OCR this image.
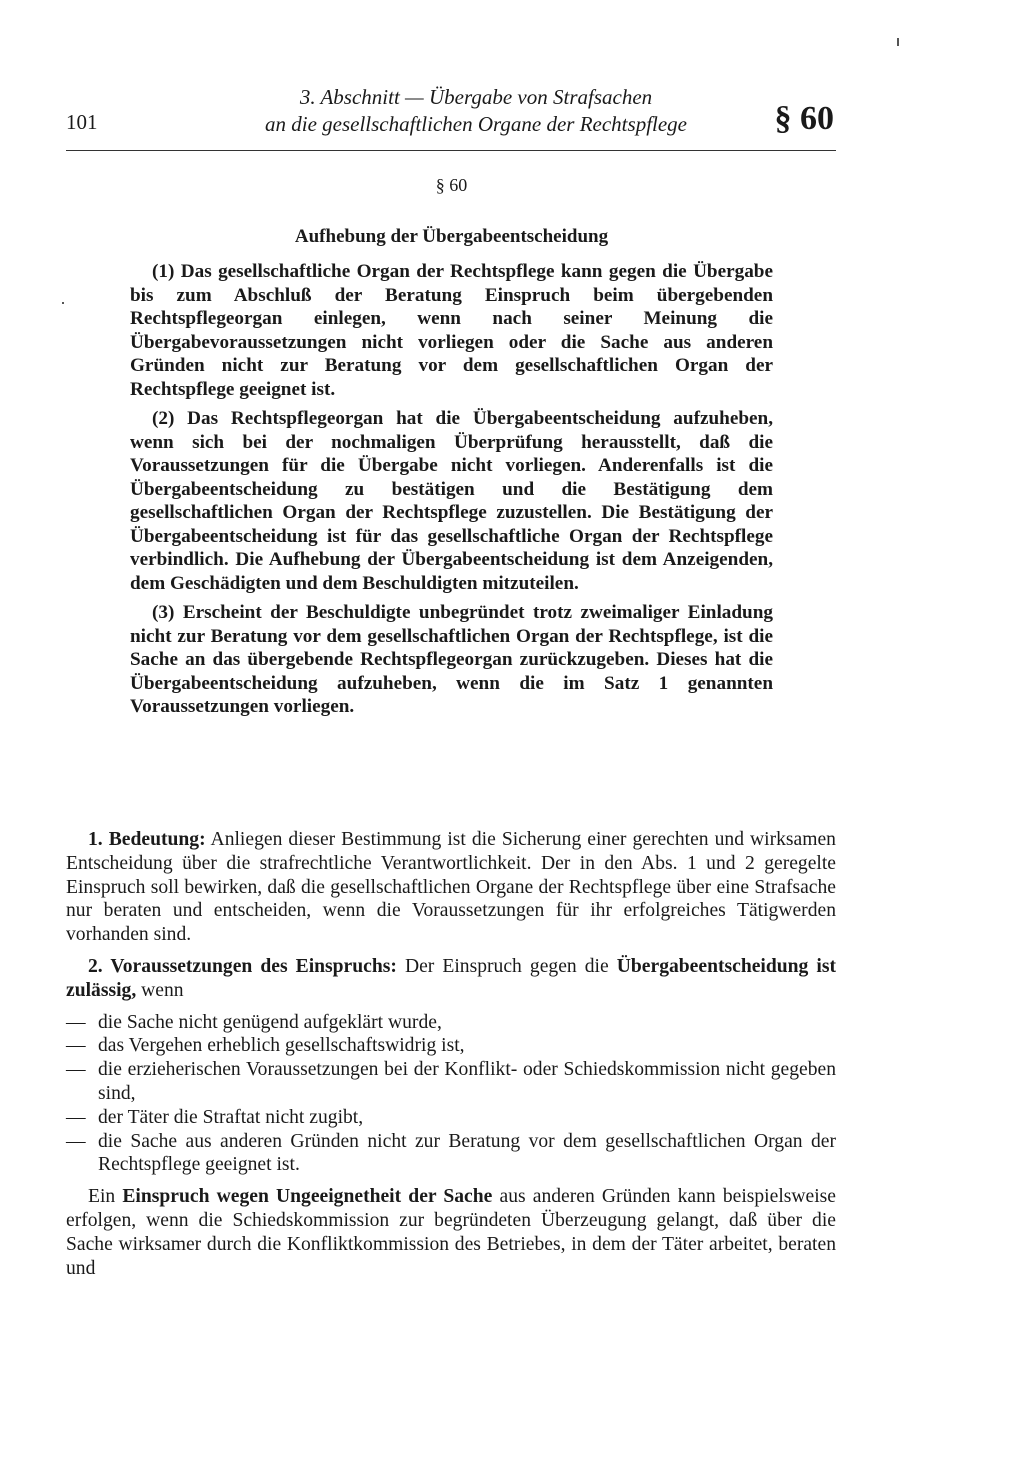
101
3. Abschnitt — Übergabe von Strafsachen
an die gesellschaftlichen Organe der Rechtspflege	§ 60
§ 60
Aufhebung der Übergabeentscheidung

(1) Das gesellschaftliche Organ der Rechtspflege kann gegen die Übergabe bis zum Abschluß der Beratung Einspruch beim übergebenden Rechtspflegeorgan einlegen, wenn nach seiner Meinung die Übergabevoraussetzungen nicht vorliegen oder die Sache aus anderen Gründen nicht zur Beratung vor dem gesellschaftlichen Organ der Rechtspflege geeignet ist.

(2) Das Rechtspflegeorgan hat die Übergabeentscheidung aufzuheben, wenn sich bei der nochmaligen Überprüfung herausstellt, daß die Voraussetzungen für die Übergabe nicht vorliegen. Anderenfalls ist die Übergabeentscheidung zu bestätigen und die Bestätigung dem gesellschaftlichen Organ der Rechtspflege zuzustellen. Die Bestätigung der Übergabeentscheidung ist für das gesellschaftliche Organ der Rechtspflege verbindlich. Die Aufhebung der Übergabeentscheidung ist dem Anzeigenden, dem Geschädigten und dem Beschuldigten mitzuteilen.

(3) Erscheint der Beschuldigte unbegründet trotz zweimaliger Einladung nicht zur Beratung vor dem gesellschaftlichen Organ der Rechtspflege, ist die Sache an das übergebende Rechtspflegeorgan zurückzugeben. Dieses hat die Übergabeentscheidung aufzuheben, wenn die im Satz 1 genannten Voraussetzungen vorliegen.

1. Bedeutung: Anliegen dieser Bestimmung ist die Sicherung einer gerechten und wirksamen Entscheidung über die strafrechtliche Verantwortlichkeit. Der in den Abs. 1 und 2 geregelte Einspruch soll bewirken, daß die gesellschaftlichen Organe der Rechtspflege über eine Strafsache nur beraten und entscheiden, wenn die Voraussetzungen für ihr erfolgreiches Tätigwerden vorhanden sind.

2. Voraussetzungen des Einspruchs: Der Einspruch gegen die Übergabeentscheidung ist zulässig, wenn

— die Sache nicht genügend aufgeklärt wurde,
— das Vergehen erheblich gesellschaftswidrig ist,
— die erzieherischen Voraussetzungen bei der Konflikt- oder Schiedskommission nicht gegeben sind,
— der Täter die Straftat nicht zugibt,
— die Sache aus anderen Gründen nicht zur Beratung vor dem gesellschaftlichen Organ der Rechtspflege geeignet ist.

Ein Einspruch wegen Ungeeignetheit der Sache aus anderen Gründen kann beispielsweise erfolgen, wenn die Schiedskommission zur begründeten Überzeugung gelangt, daß über die Sache wirksamer durch die Konfliktkommission des Betriebes, in dem der Täter arbeitet, beraten und
